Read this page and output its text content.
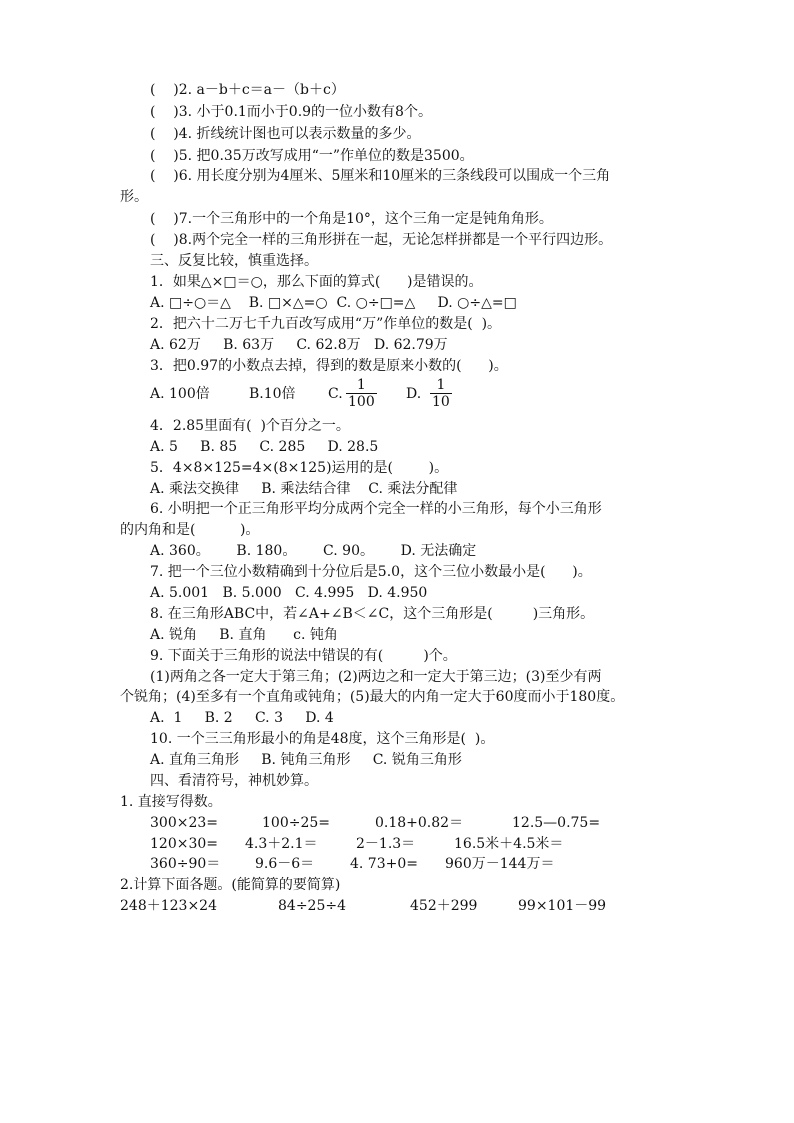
(    )2. a－b＋c＝a－（b＋c）
(    )3. 小于0.1而小于0.9的一位小数有8个。
(    )4. 折线统计图也可以表示数量的多少。
(    )5. 把0.35万改写成用“一”作单位的数是3500。
(    )6. 用长度分别为4厘米、5厘米和10厘米的三条线段可以围成一个三角
形。
(    )7.一个三角形中的一个角是10°，这个三角一定是钝角角形。
(    )8.两个完全一样的三角形拼在一起，无论怎样拼都是一个平行四边形。
三、反复比较，慎重选择。
1．如果△×□＝○，那么下面的算式(      )是错误的。
A. □÷○＝△    B. □×△=○  C. ○÷□=△     D. ○÷△=□
2．把六十二万七千九百改写成用“万”作单位的数是(  )。
A. 62万     B. 63万     C. 62.8万   D. 62.79万
3．把0.97的小数点去掉，得到的数是原来小数的(      )。
A. 100倍	B.10倍 C. $\frac{1}{100} D$. $\frac{1}{10}$
4．2.85里面有(  )个百分之一。
A. 5     B. 85     C. 285     D. 28.5
5．4×8×125=4×(8×125)运用的是(        )。
A. 乘法交换律     B. 乘法结合律    C. 乘法分配律
6. 小明把一个正三角形平均分成两个完全一样的小三角形，每个小三角形
的内角和是(          )。
A. 360。      B. 180。      C. 90。      D. 无法确定
7. 把一个三位小数精确到十分位后是5.0，这个三位小数最小是(      )。
A. 5.001   B. 5.000   C. 4.995   D. 4.950
8. 在三角形ABC中，若∠A+∠B＜∠C，这个三角形是(         )三角形。
A. 锐角     B. 直角      c. 钝角
9. 下面关于三角形的说法中错误的有(         )个。
(1)两角之各一定大于第三角；(2)两边之和一定大于第三边；(3)至少有两
个锐角；(4)至多有一个直角或钝角；(5)最大的内角一定大于60度而小于180度。
A.  1     B. 2     C. 3     D. 4
10. 一个三三角形最小的角是48度，这个三角形是(  )。
A. 直角三角形     B. 钝角三角形     C. 锐角三角形
四、看清符号，神机妙算。
1. 直接写得数。
300×23=	100÷25=	0.18+0.82＝	12.5—0.75=
120×30= 4.3＋2.1＝	2－1.3＝	16.5米＋4.5米＝
360÷90＝ 9.6－6＝	4. 73+0= 960万－144万＝
2.计算下面各题。(能简算的要简算)
248＋123×24	84÷25÷4	452＋299	99×101－99
